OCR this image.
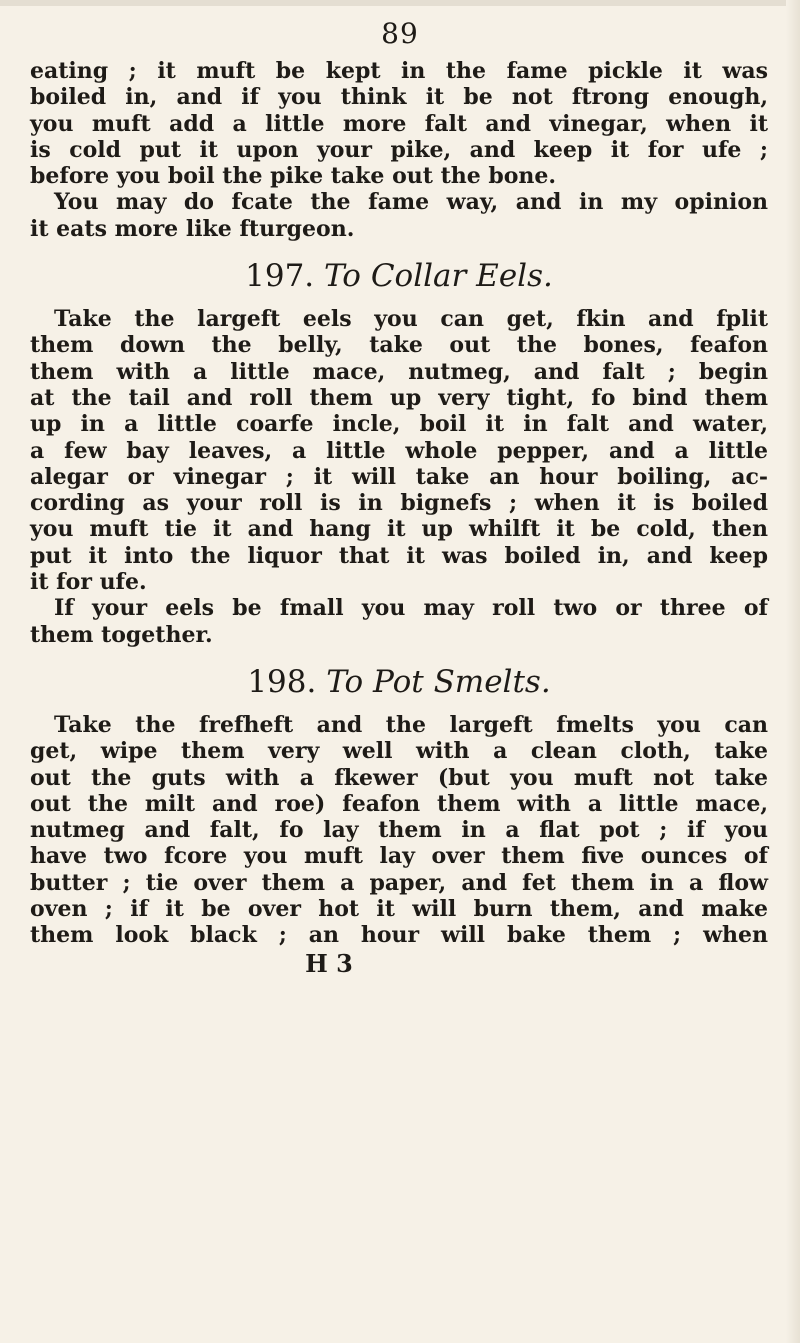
89
eating ; it muft be kept in the fame pickle it was
boiled in, and if you think it be not ftrong enough,
you muft add a little more falt and vinegar, when it
is cold put it upon your pike, and keep it for ufe ;
before you boil the pike take out the bone.
You may do fcate the fame way, and in my opinion
it eats more like fturgeon.
197. To Collar Eels.
Take the largeft eels you can get, fkin and fplit
them down the belly, take out the bones, feafon
them with a little mace, nutmeg, and falt ; begin
at the tail and roll them up very tight, fo bind them
up in a little coarfe incle, boil it in falt and water,
a few bay leaves, a little whole pepper, and a little
alegar or vinegar ; it will take an hour boiling, ac-
cording as your roll is in bignefs ; when it is boiled
you muft tie it and hang it up whilft it be cold, then
put it into the liquor that it was boiled in, and keep
it for ufe.
If your eels be fmall you may roll two or three of
them together.
198. To Pot Smelts.
Take the frefheft and the largeft fmelts you can
get, wipe them very well with a clean cloth, take
out the guts with a fkewer (but you muft not take
out the milt and roe) feafon them with a little mace,
nutmeg and falt, fo lay them in a flat pot ; if you
have two fcore you muft lay over them five ounces of
butter ; tie over them a paper, and fet them in a flow
oven ; if it be over hot it will burn them, and make
them look black ; an hour will bake them ; when
H 3
